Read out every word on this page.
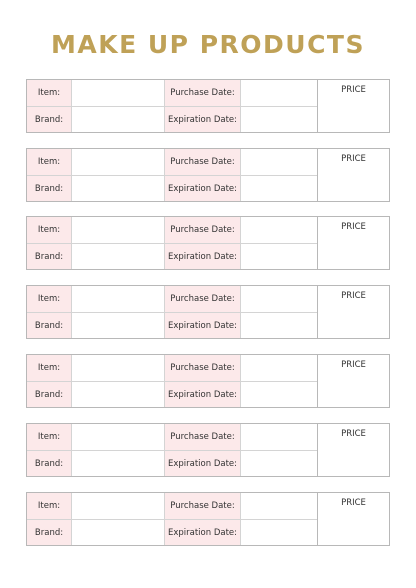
MAKE UP PRODUCTS
Item:	Purchase Date:
Brand:	Expiration Date:
PRICE
Item:	Purchase Date:
Brand:	Expiration Date:
PRICE
Item:	Purchase Date:
Brand:	Expiration Date:
PRICE
Item:	Purchase Date:
Brand:	Expiration Date:
PRICE
Item:	Purchase Date:
Brand:	Expiration Date:
PRICE
Item:	Purchase Date:
Brand:	Expiration Date:
PRICE
Item:	Purchase Date:
Brand:	Expiration Date:
PRICE
